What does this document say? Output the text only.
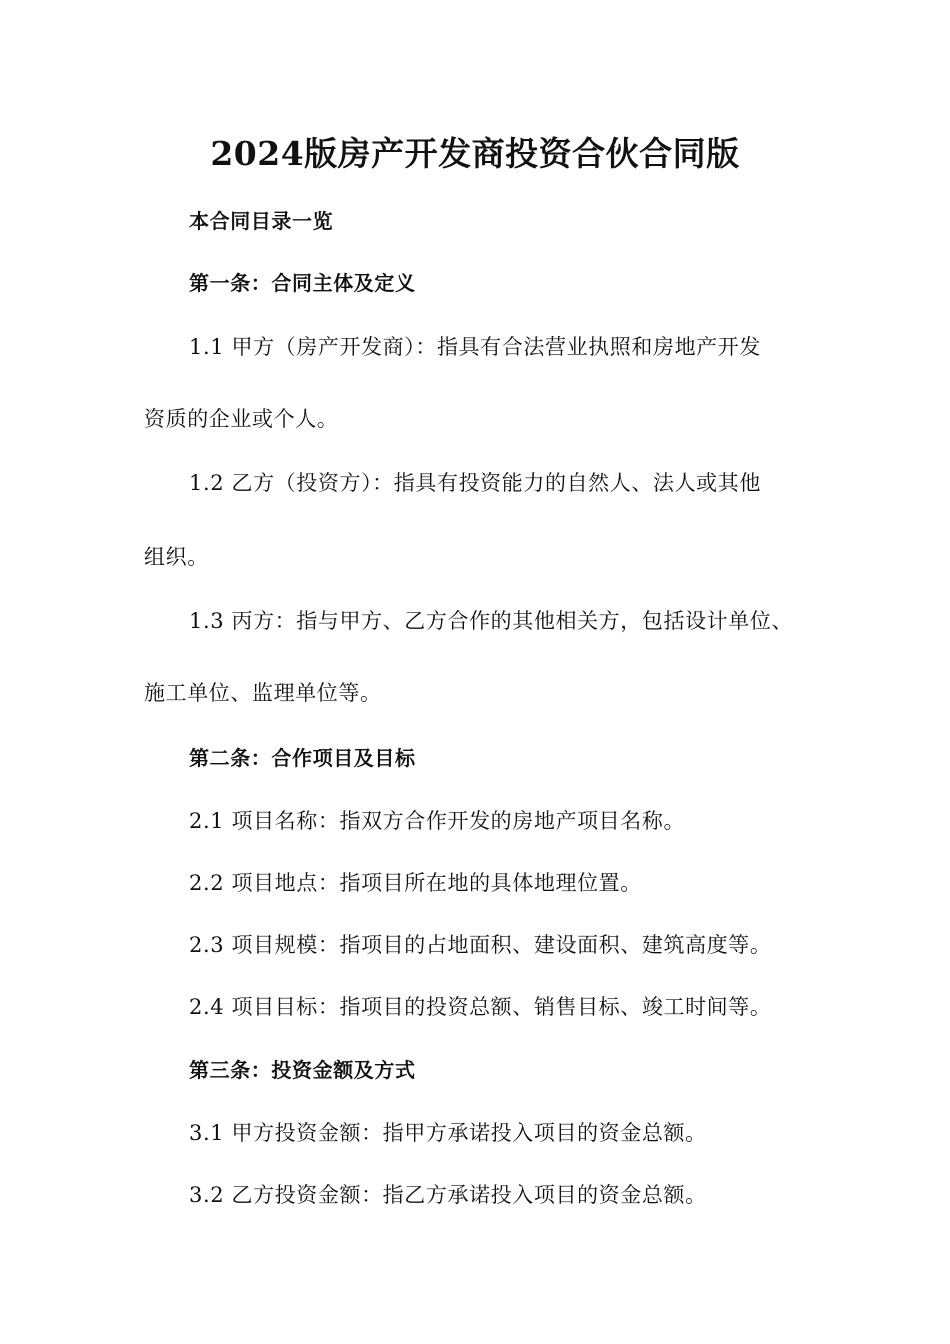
2024版房产开发商投资合伙合同版
本合同目录一览
第一条：合同主体及定义
1.1 甲方（房产开发商）：指具有合法营业执照和房地产开发
资质的企业或个人。
1.2 乙方（投资方）：指具有投资能力的自然人、法人或其他
组织。
1.3 丙方：指与甲方、乙方合作的其他相关方，包括设计单位、
施工单位、监理单位等。
第二条：合作项目及目标
2.1 项目名称：指双方合作开发的房地产项目名称。
2.2 项目地点：指项目所在地的具体地理位置。
2.3 项目规模：指项目的占地面积、建设面积、建筑高度等。
2.4 项目目标：指项目的投资总额、销售目标、竣工时间等。
第三条：投资金额及方式
3.1 甲方投资金额：指甲方承诺投入项目的资金总额。
3.2 乙方投资金额：指乙方承诺投入项目的资金总额。
